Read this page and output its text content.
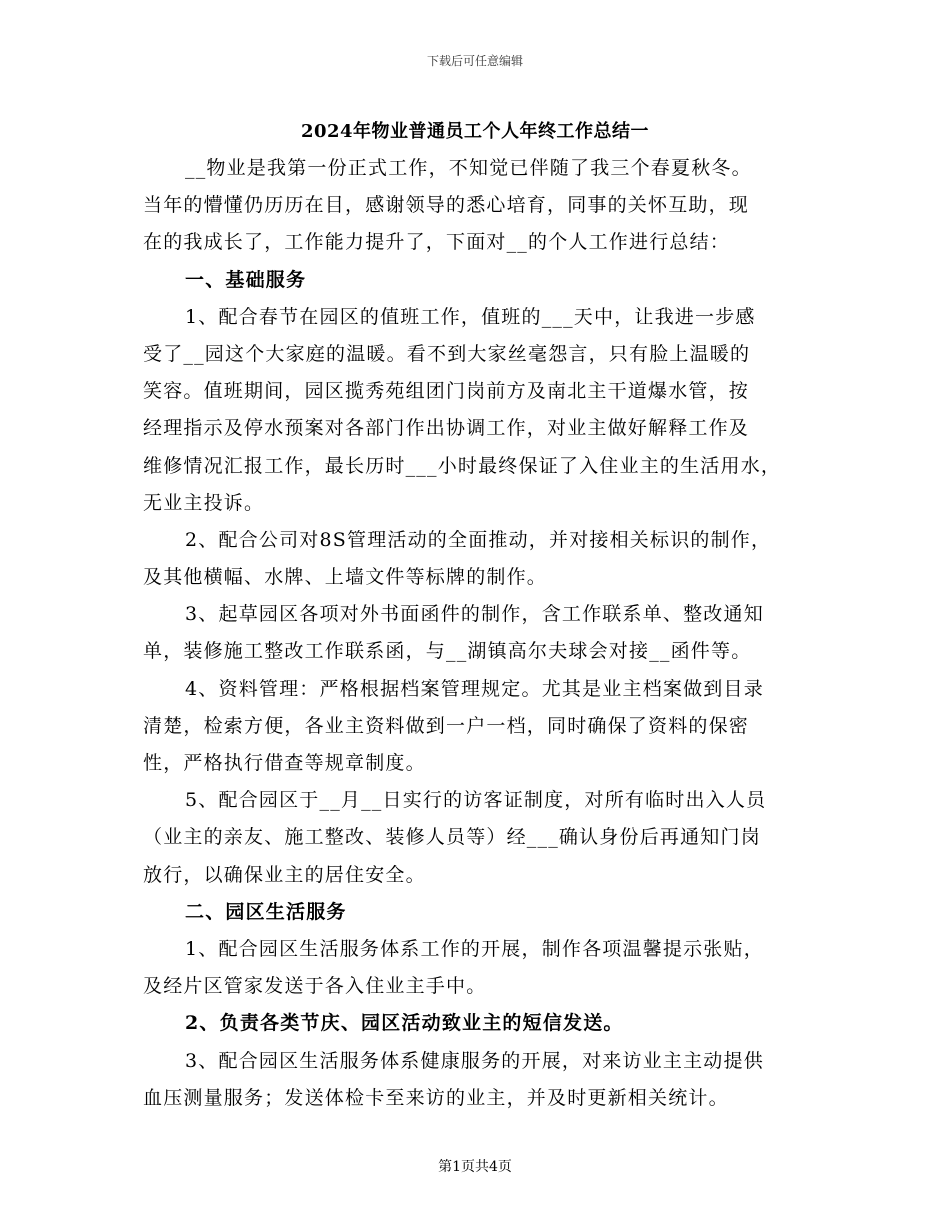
下载后可任意编辑
2024年物业普通员工个人年终工作总结一
__物业是我第一份正式工作，不知觉已伴随了我三个春夏秋冬。
当年的懵懂仍历历在目，感谢领导的悉心培育，同事的关怀互助，现
在的我成长了，工作能力提升了，下面对__的个人工作进行总结：
一、基础服务
1、配合春节在园区的值班工作，值班的___天中，让我进一步感
受了__园这个大家庭的温暖。看不到大家丝毫怨言，只有脸上温暖的
笑容。值班期间，园区揽秀苑组团门岗前方及南北主干道爆水管，按
经理指示及停水预案对各部门作出协调工作，对业主做好解释工作及
维修情况汇报工作，最长历时___小时最终保证了入住业主的生活用水，
无业主投诉。
2、配合公司对8S管理活动的全面推动，并对接相关标识的制作，
及其他横幅、水牌、上墙文件等标牌的制作。
3、起草园区各项对外书面函件的制作，含工作联系单、整改通知
单，装修施工整改工作联系函，与__湖镇高尔夫球会对接__函件等。
4、资料管理：严格根据档案管理规定。尤其是业主档案做到目录
清楚，检索方便，各业主资料做到一户一档，同时确保了资料的保密
性，严格执行借查等规章制度。
5、配合园区于__月__日实行的访客证制度，对所有临时出入人员
（业主的亲友、施工整改、装修人员等）经___确认身份后再通知门岗
放行，以确保业主的居住安全。
二、园区生活服务
1、配合园区生活服务体系工作的开展，制作各项温馨提示张贴，
及经片区管家发送于各入住业主手中。
2、负责各类节庆、园区活动致业主的短信发送。
3、配合园区生活服务体系健康服务的开展，对来访业主主动提供
血压测量服务；发送体检卡至来访的业主，并及时更新相关统计。
第1页共4页
